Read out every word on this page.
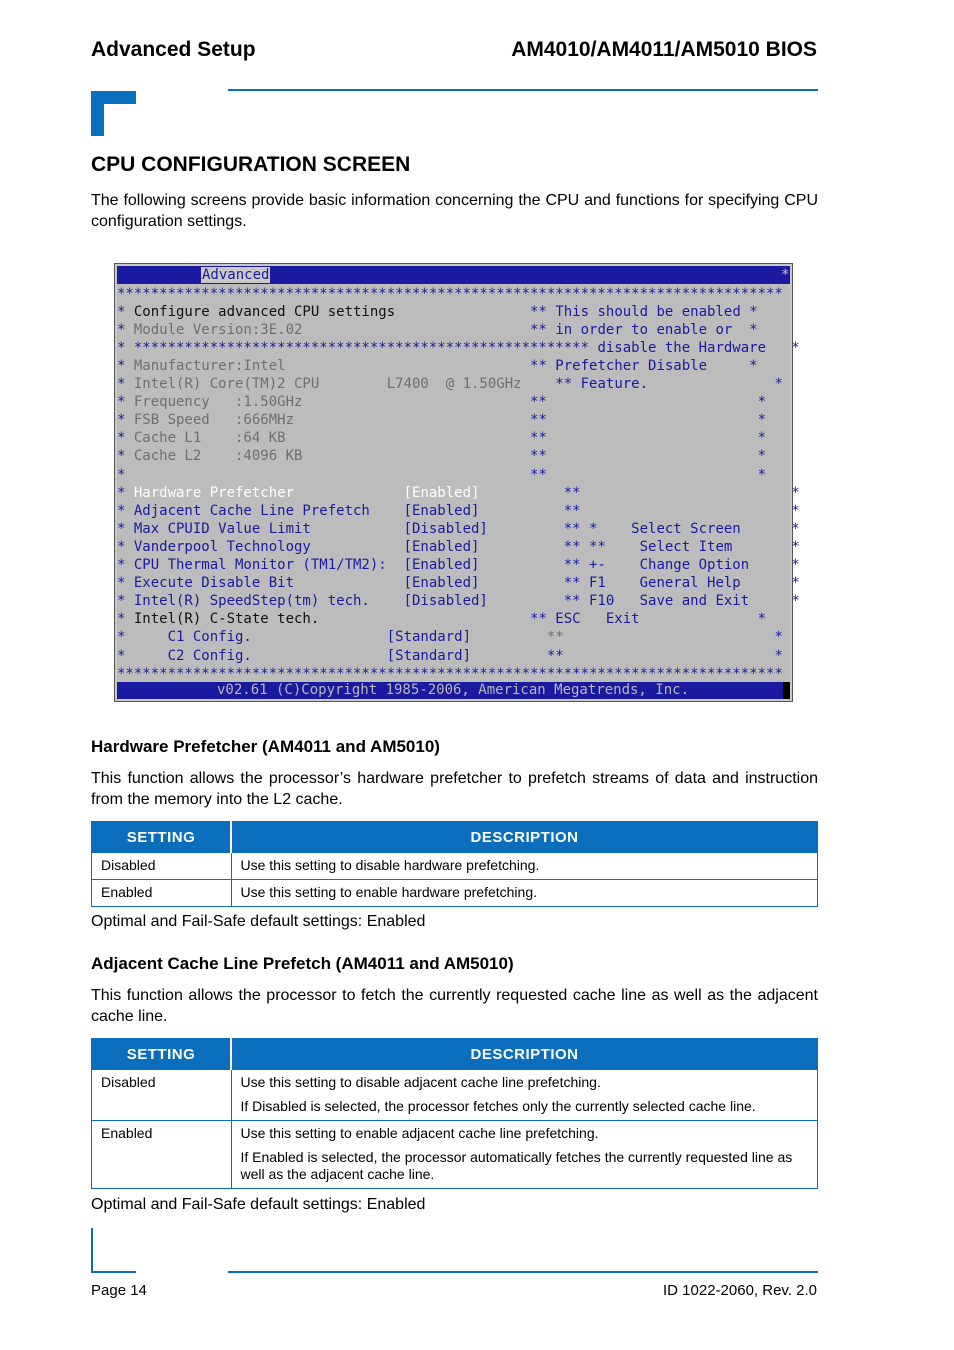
Advanced Setup	AM4010/AM4011/AM5010 BIOS
CPU CONFIGURATION SCREEN
The following screens provide basic information concerning the CPU and functions for specifying CPU configuration settings.
Advanced	*
*******************************************************************************
* Configure advanced CPU settings                ** This should be enabled *
* Module Version:3E.02                           ** in order to enable or  *
* ****************************************************** disable the Hardware   *
* Manufacturer:Intel                             ** Prefetcher Disable     *
* Intel(R) Core(TM)2 CPU        L7400  @ 1.50GHz    ** Feature.               *
* Frequency   :1.50GHz                           **                         *
* FSB Speed   :666MHz                            **                         *
* Cache L1    :64 KB                             **                         *
* Cache L2    :4096 KB                           **                         *
*                                                **                         *
* Hardware Prefetcher	[Enabled]          **                         *
* Adjacent Cache Line Prefetch    [Enabled]          **                         *
* Max CPUID Value Limit           [Disabled]         ** *    Select Screen      *
* Vanderpool Technology           [Enabled]          ** **    Select Item       *
* CPU Thermal Monitor (TM1/TM2):  [Enabled]          ** +-    Change Option     *
* Execute Disable Bit             [Enabled]          ** F1    General Help      *
* Intel(R) SpeedStep(tm) tech.    [Disabled]         ** F10   Save and Exit     *
* Intel(R) C-State tech.                         ** ESC   Exit              *
*     C1 Config.                [Standard]         **                         *
*     C2 Config.                [Standard]         **                         *
*******************************************************************************
v02.61 (C)Copyright 1985-2006, American Megatrends, Inc.
Hardware Prefetcher (AM4011 and AM5010)
This function allows the processor’s hardware prefetcher to prefetch streams of data and instruction from the memory into the L2 cache.
SETTING	DESCRIPTION
Disabled	Use this setting to disable hardware prefetching.

Enabled	Use this setting to enable hardware prefetching.

Optimal and Fail-Safe default settings: Enabled
Adjacent Cache Line Prefetch (AM4011 and AM5010)
This function allows the processor to fetch the currently requested cache line as well as the adjacent cache line.
SETTING	DESCRIPTION
Disabled	Use this setting to disable adjacent cache line prefetching.

If Disabled is selected, the processor fetches only the currently selected cache line.

Enabled	Use this setting to enable adjacent cache line prefetching.

If Enabled is selected, the processor automatically fetches the currently requested line as well as the adjacent cache line.

Optimal and Fail-Safe default settings: Enabled
Page 14	ID 1022-2060, Rev. 2.0
